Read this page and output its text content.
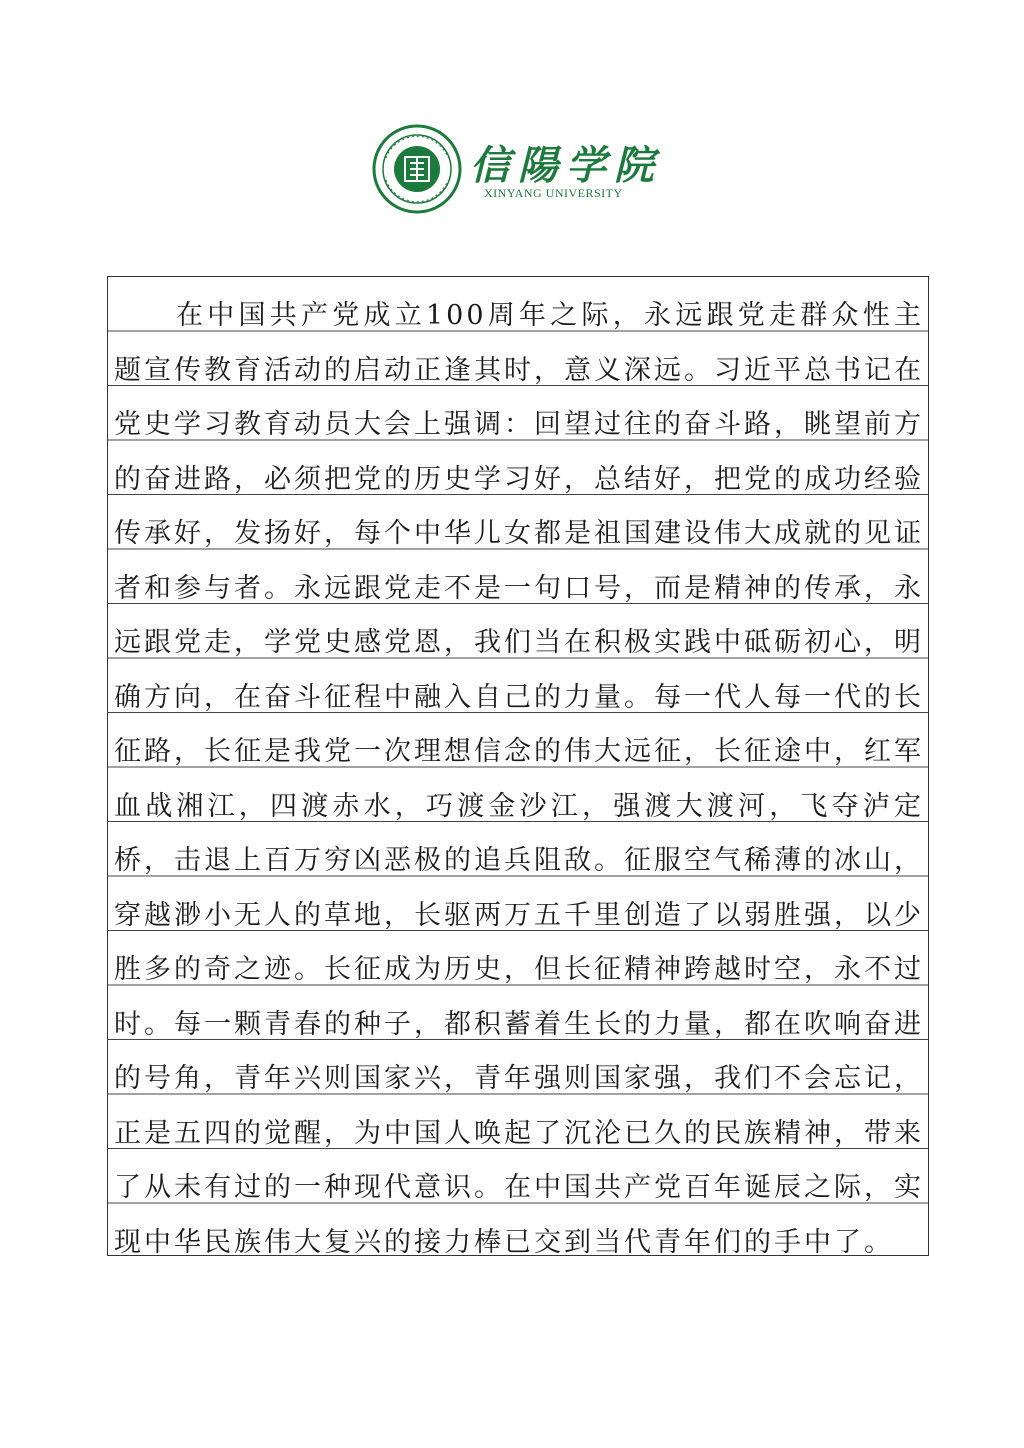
信陽学院
XINYANG UNIVERSITY

在中国共产党成立100周年之际，永远跟党走群众性主题宣传教育活动的启动正逢其时，意义深远。习近平总书记在党史学习教育动员大会上强调：回望过往的奋斗路，眺望前方的奋进路，必须把党的历史学习好，总结好，把党的成功经验传承好，发扬好，每个中华儿女都是祖国建设伟大成就的见证者和参与者。永远跟党走不是一句口号，而是精神的传承，永远跟党走，学党史感党恩，我们当在积极实践中砥砺初心，明确方向，在奋斗征程中融入自己的力量。每一代人每一代的长征路，长征是我党一次理想信念的伟大远征，长征途中，红军血战湘江，四渡赤水，巧渡金沙江，强渡大渡河，飞夺泸定桥，击退上百万穷凶恶极的追兵阻敌。征服空气稀薄的冰山，穿越渺小无人的草地，长驱两万五千里创造了以弱胜强，以少胜多的奇之迹。长征成为历史，但长征精神跨越时空，永不过时。每一颗青春的种子，都积蓄着生长的力量，都在吹响奋进的号角，青年兴则国家兴，青年强则国家强，我们不会忘记，正是五四的觉醒，为中国人唤起了沉沦已久的民族精神，带来了从未有过的一种现代意识。在中国共产党百年诞辰之际，实现中华民族伟大复兴的接力棒已交到当代青年们的手中了。
